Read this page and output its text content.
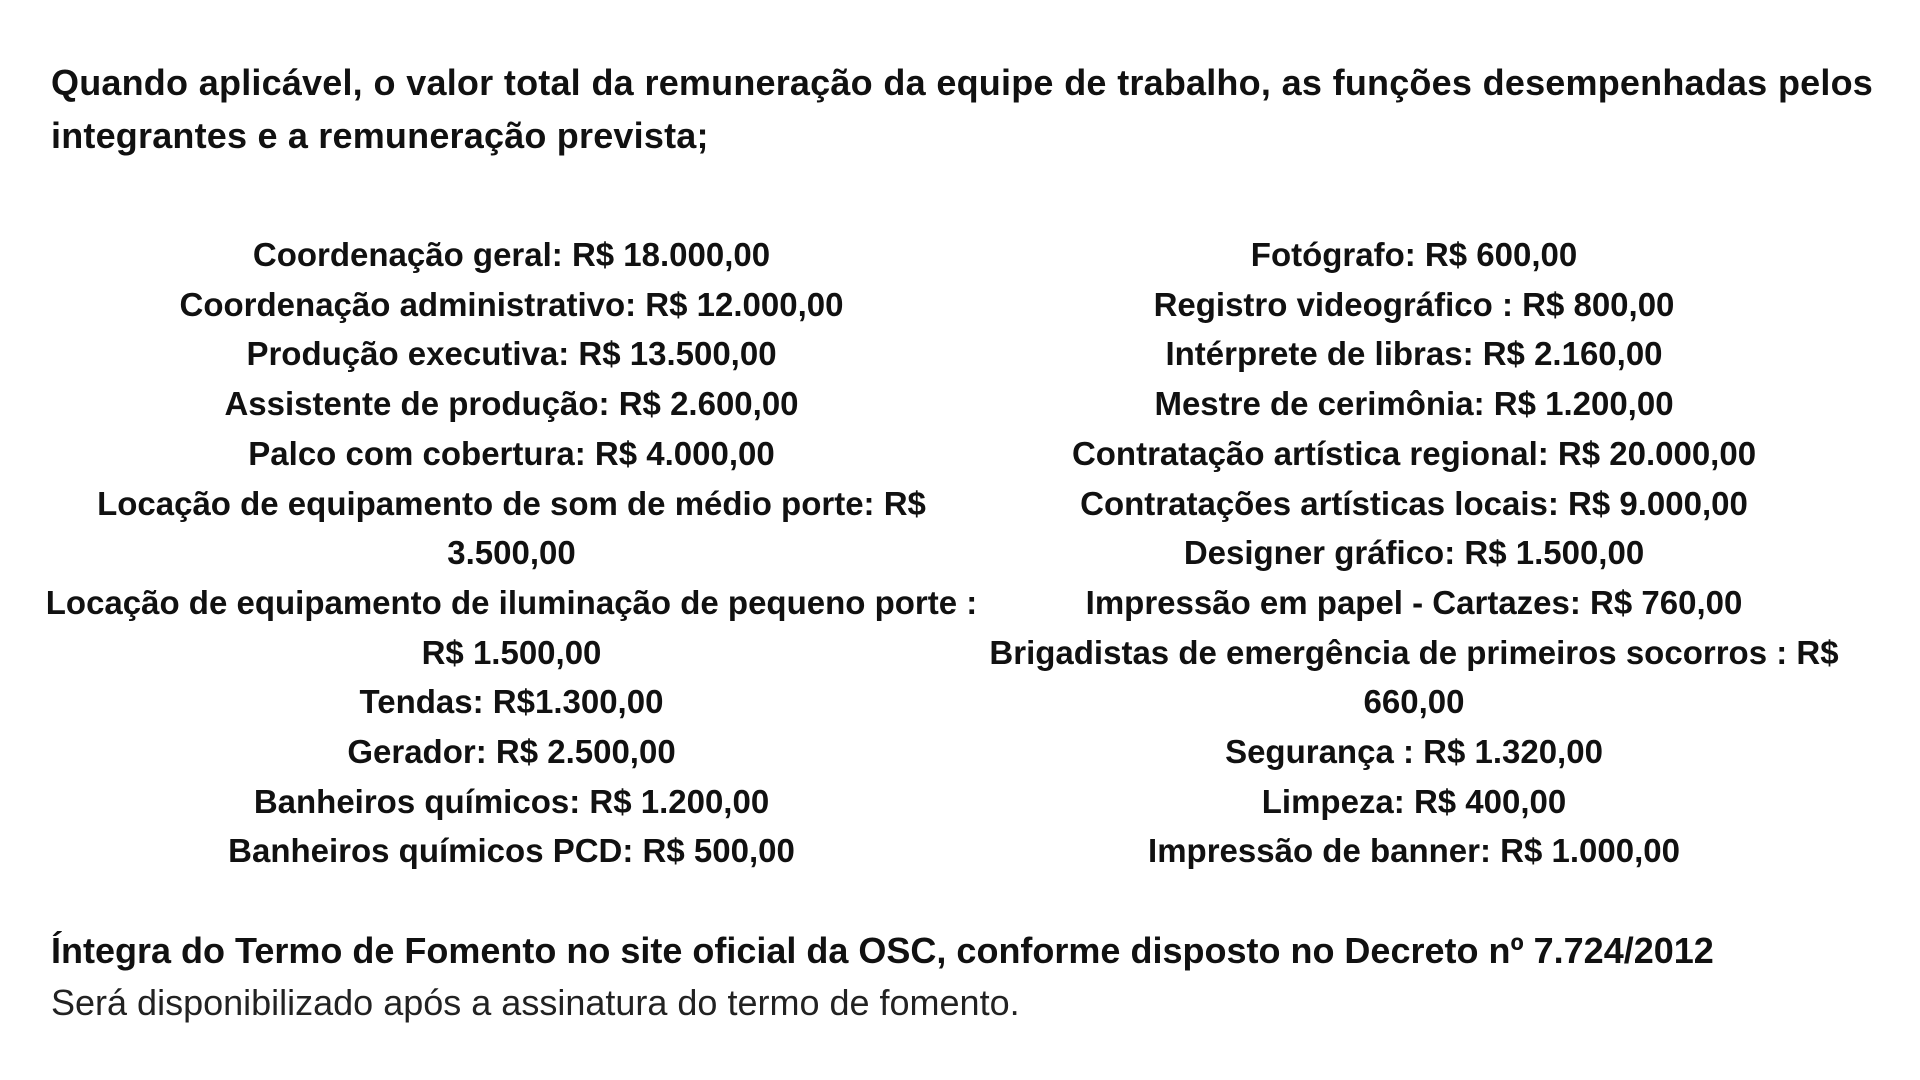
Quando aplicável, o valor total da remuneração da equipe de trabalho, as funções desempenhadas pelos integrantes e a remuneração prevista;

Coordenação geral: R$ 18.000,00
Coordenação administrativo: R$ 12.000,00
Produção executiva: R$ 13.500,00
Assistente de produção: R$ 2.600,00
Palco com cobertura: R$ 4.000,00
Locação de equipamento de som de médio porte: R$ 3.500,00
Locação de equipamento de iluminação de pequeno porte : R$ 1.500,00
Tendas: R$1.300,00
Gerador: R$ 2.500,00
Banheiros químicos: R$ 1.200,00
Banheiros químicos PCD: R$ 500,00
Fotógrafo: R$ 600,00
Registro videográfico : R$ 800,00
Intérprete de libras: R$ 2.160,00
Mestre de cerimônia: R$ 1.200,00
Contratação artística regional: R$ 20.000,00
Contratações artísticas locais: R$ 9.000,00
Designer gráfico: R$ 1.500,00
Impressão em papel - Cartazes: R$ 760,00
Brigadistas de emergência de primeiros socorros : R$ 660,00
Segurança : R$ 1.320,00
Limpeza: R$ 400,00
Impressão de banner: R$ 1.000,00
Íntegra do Termo de Fomento no site oficial da OSC, conforme disposto no Decreto nº 7.724/2012
Será disponibilizado após a assinatura do termo de fomento.
